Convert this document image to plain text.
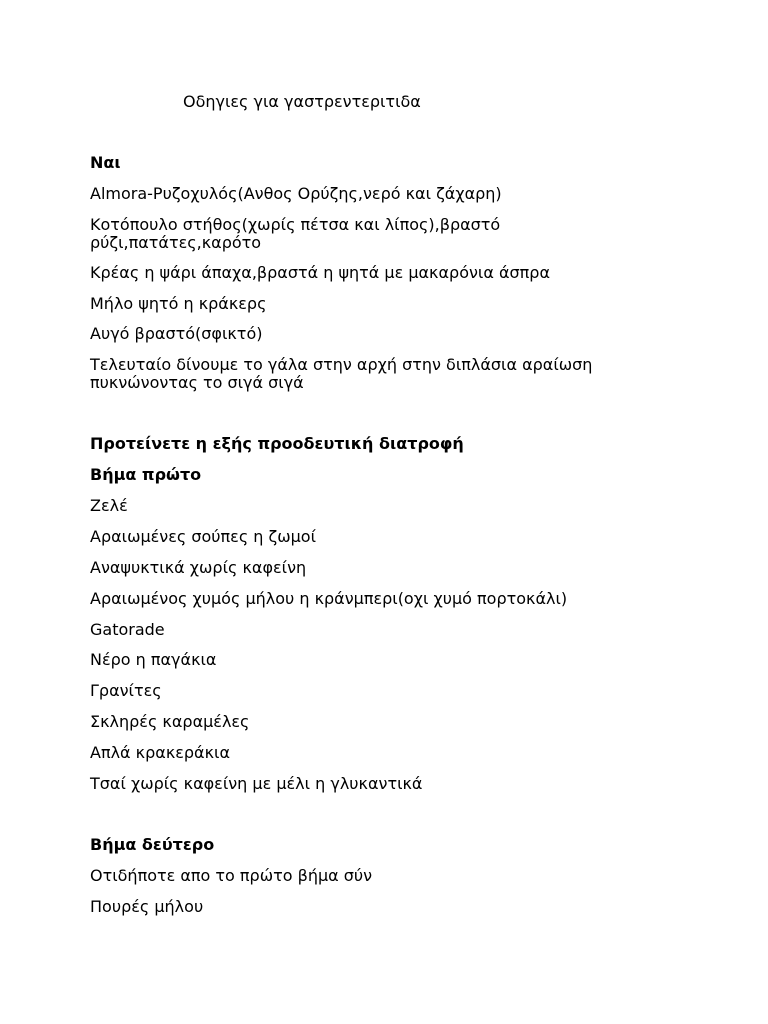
Οδηγιες για γαστρεντεριτιδα

Ναι

Almora-Ρυζοχυλός(Ανθος Ορύζης,νερό και ζάχαρη)

Κοτόπουλο στήθος(χωρίς πέτσα και λίπος),βραστό

ρύζι,πατάτες,καρότο

Κρέας η ψάρι άπαχα,βραστά η ψητά με μακαρόνια άσπρα

Μήλο ψητό η κράκερς

Αυγό βραστό(σφικτό)

Τελευταίο δίνουμε το γάλα στην αρχή στην διπλάσια αραίωση

πυκνώνοντας το σιγά σιγά

Προτείνετε η εξής προοδευτική διατροφή

Βήμα πρώτο

Ζελέ

Αραιωμένες σούπες η ζωμοί

Αναψυκτικά χωρίς καφείνη

Αραιωμένος χυμός μήλου η κράνμπερι(οχι χυμό πορτοκάλι)

Gatorade

Νέρο η παγάκια

Γρανίτες

Σκληρές καραμέλες

Απλά κρακεράκια

Τσαί χωρίς καφείνη με μέλι η γλυκαντικά

Βήμα δεύτερο

Οτιδήποτε απο το πρώτο βήμα σύν

Πουρές μήλου
